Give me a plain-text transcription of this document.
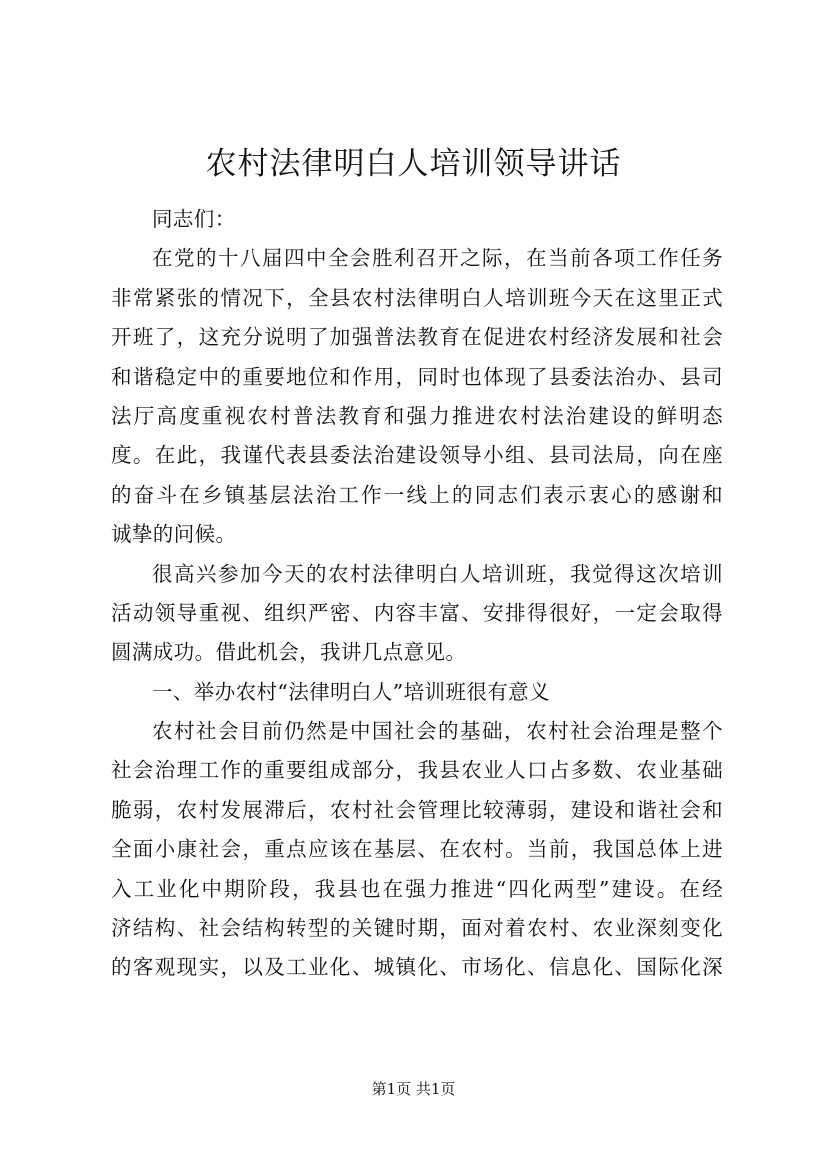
农村法律明白人培训领导讲话
同志们：
在党的十八届四中全会胜利召开之际，在当前各项工作任务
非常紧张的情况下，全县农村法律明白人培训班今天在这里正式
开班了，这充分说明了加强普法教育在促进农村经济发展和社会
和谐稳定中的重要地位和作用，同时也体现了县委法治办、县司
法厅高度重视农村普法教育和强力推进农村法治建设的鲜明态
度。在此，我谨代表县委法治建设领导小组、县司法局，向在座
的奋斗在乡镇基层法治工作一线上的同志们表示衷心的感谢和
诚挚的问候。
很高兴参加今天的农村法律明白人培训班，我觉得这次培训
活动领导重视、组织严密、内容丰富、安排得很好，一定会取得
圆满成功。借此机会，我讲几点意见。
一、举办农村“法律明白人”培训班很有意义
农村社会目前仍然是中国社会的基础，农村社会治理是整个
社会治理工作的重要组成部分，我县农业人口占多数、农业基础
脆弱，农村发展滞后，农村社会管理比较薄弱，建设和谐社会和
全面小康社会，重点应该在基层、在农村。当前，我国总体上进
入工业化中期阶段，我县也在强力推进“四化两型”建设。在经
济结构、社会结构转型的关键时期，面对着农村、农业深刻变化
的客观现实，以及工业化、城镇化、市场化、信息化、国际化深
第1页 共1页
